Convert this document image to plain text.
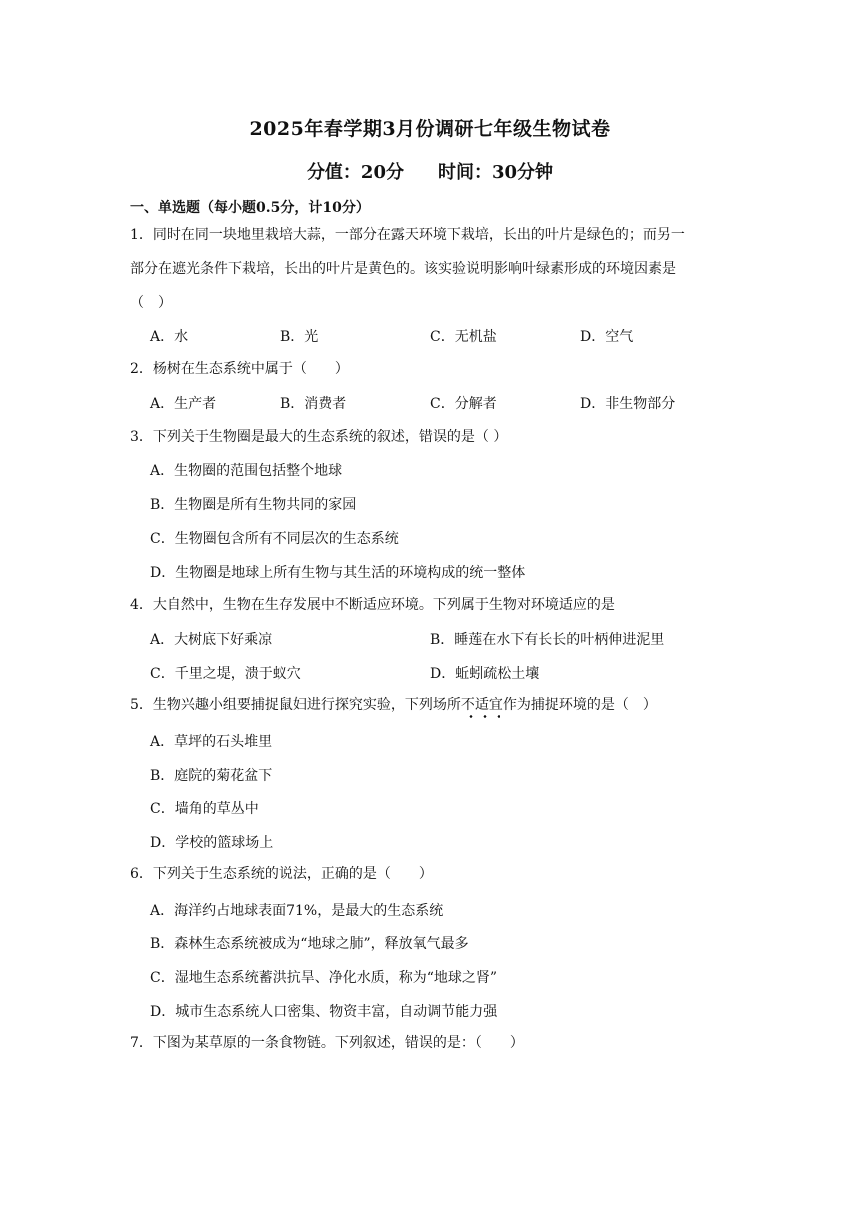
2025年春学期3月份调研七年级生物试卷
分值：20分 时间：30分钟
一、单选题（每小题0.5分，计10分）
1．同时在同一块地里栽培大蒜，一部分在露天环境下栽培，长出的叶片是绿色的；而另一
部分在遮光条件下栽培，长出的叶片是黄色的。该实验说明影响叶绿素形成的环境因素是
（　）
A．水	B．光	C．无机盐	D．空气
2．杨树在生态系统中属于（　　）
A．生产者	B．消费者	C．分解者	D．非生物部分
3．下列关于生物圈是最大的生态系统的叙述，错误的是（ ）
A．生物圈的范围包括整个地球
B．生物圈是所有生物共同的家园
C．生物圈包含所有不同层次的生态系统
D．生物圈是地球上所有生物与其生活的环境构成的统一整体
4．大自然中，生物在生存发展中不断适应环境。下列属于生物对环境适应的是
A．大树底下好乘凉	B．睡莲在水下有长长的叶柄伸进泥里
C．千里之堤，溃于蚁穴	D．蚯蚓疏松土壤
5．生物兴趣小组要捕捉鼠妇进行探究实验，下列场所不适宜作为捕捉环境的是（　）
A．草坪的石头堆里
B．庭院的菊花盆下
C．墙角的草丛中
D．学校的篮球场上
6．下列关于生态系统的说法，正确的是（　　）
A．海洋约占地球表面71%，是最大的生态系统
B．森林生态系统被成为“地球之肺”，释放氧气最多
C．湿地生态系统蓄洪抗旱、净化水质，称为“地球之肾”
D．城市生态系统人口密集、物资丰富，自动调节能力强
7．下图为某草原的一条食物链。下列叙述，错误的是：（　　）
